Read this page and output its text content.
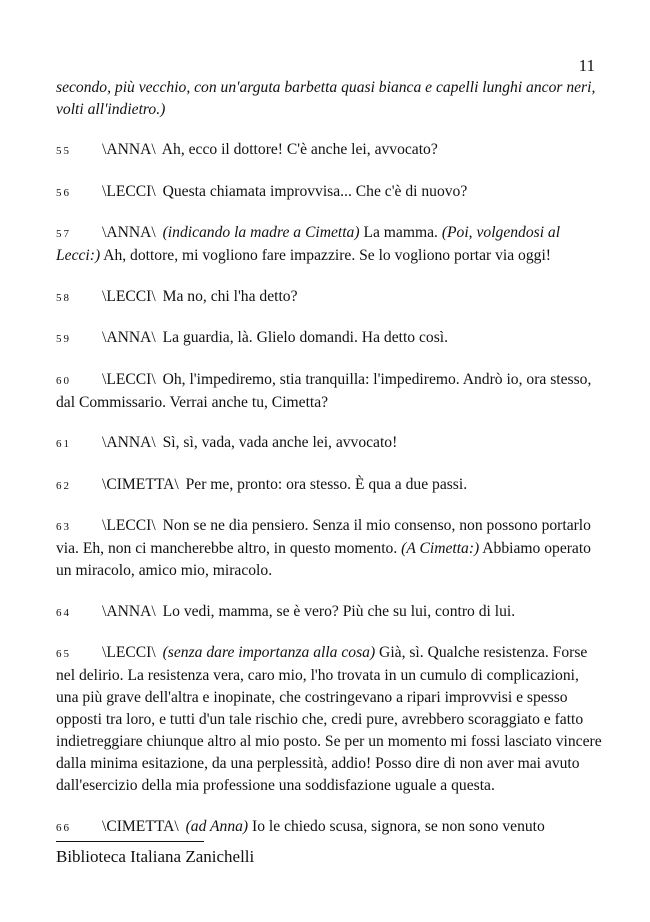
11

secondo, più vecchio, con un'arguta barbetta quasi bianca e capelli lunghi ancor neri, volti all'indietro.)

55 \ANNA\ Ah, ecco il dottore! C'è anche lei, avvocato?

56 \LECCI\ Questa chiamata improvvisa... Che c'è di nuovo?

57 \ANNA\ (indicando la madre a Cimetta) La mamma. (Poi, volgendosi al Lecci:) Ah, dottore, mi vogliono fare impazzire. Se lo vogliono portar via oggi!

58 \LECCI\ Ma no, chi l'ha detto?

59 \ANNA\ La guardia, là. Glielo domandi. Ha detto così.

60 \LECCI\ Oh, l'impediremo, stia tranquilla: l'impediremo. Andrò io, ora stesso, dal Commissario. Verrai anche tu, Cimetta?

61 \ANNA\ Sì, sì, vada, vada anche lei, avvocato!

62 \CIMETTA\ Per me, pronto: ora stesso. È qua a due passi.

63 \LECCI\ Non se ne dia pensiero. Senza il mio consenso, non possono portarlo via. Eh, non ci mancherebbe altro, in questo momento. (A Cimetta:) Abbiamo operato un miracolo, amico mio, miracolo.

64 \ANNA\ Lo vedi, mamma, se è vero? Più che su lui, contro di lui.

65 \LECCI\ (senza dare importanza alla cosa) Già, sì. Qualche resistenza. Forse nel delirio. La resistenza vera, caro mio, l'ho trovata in un cumulo di complicazioni, una più grave dell'altra e inopinate, che costringevano a ripari improvvisi e spesso opposti tra loro, e tutti d'un tale rischio che, credi pure, avrebbero scoraggiato e fatto indietreggiare chiunque altro al mio posto. Se per un momento mi fossi lasciato vincere dalla minima esitazione, da una perplessità, addio! Posso dire di non aver mai avuto dall'esercizio della mia professione una soddisfazione uguale a questa.

66 \CIMETTA\ (ad Anna) Io le chiedo scusa, signora, se non sono venuto

Biblioteca Italiana Zanichelli
